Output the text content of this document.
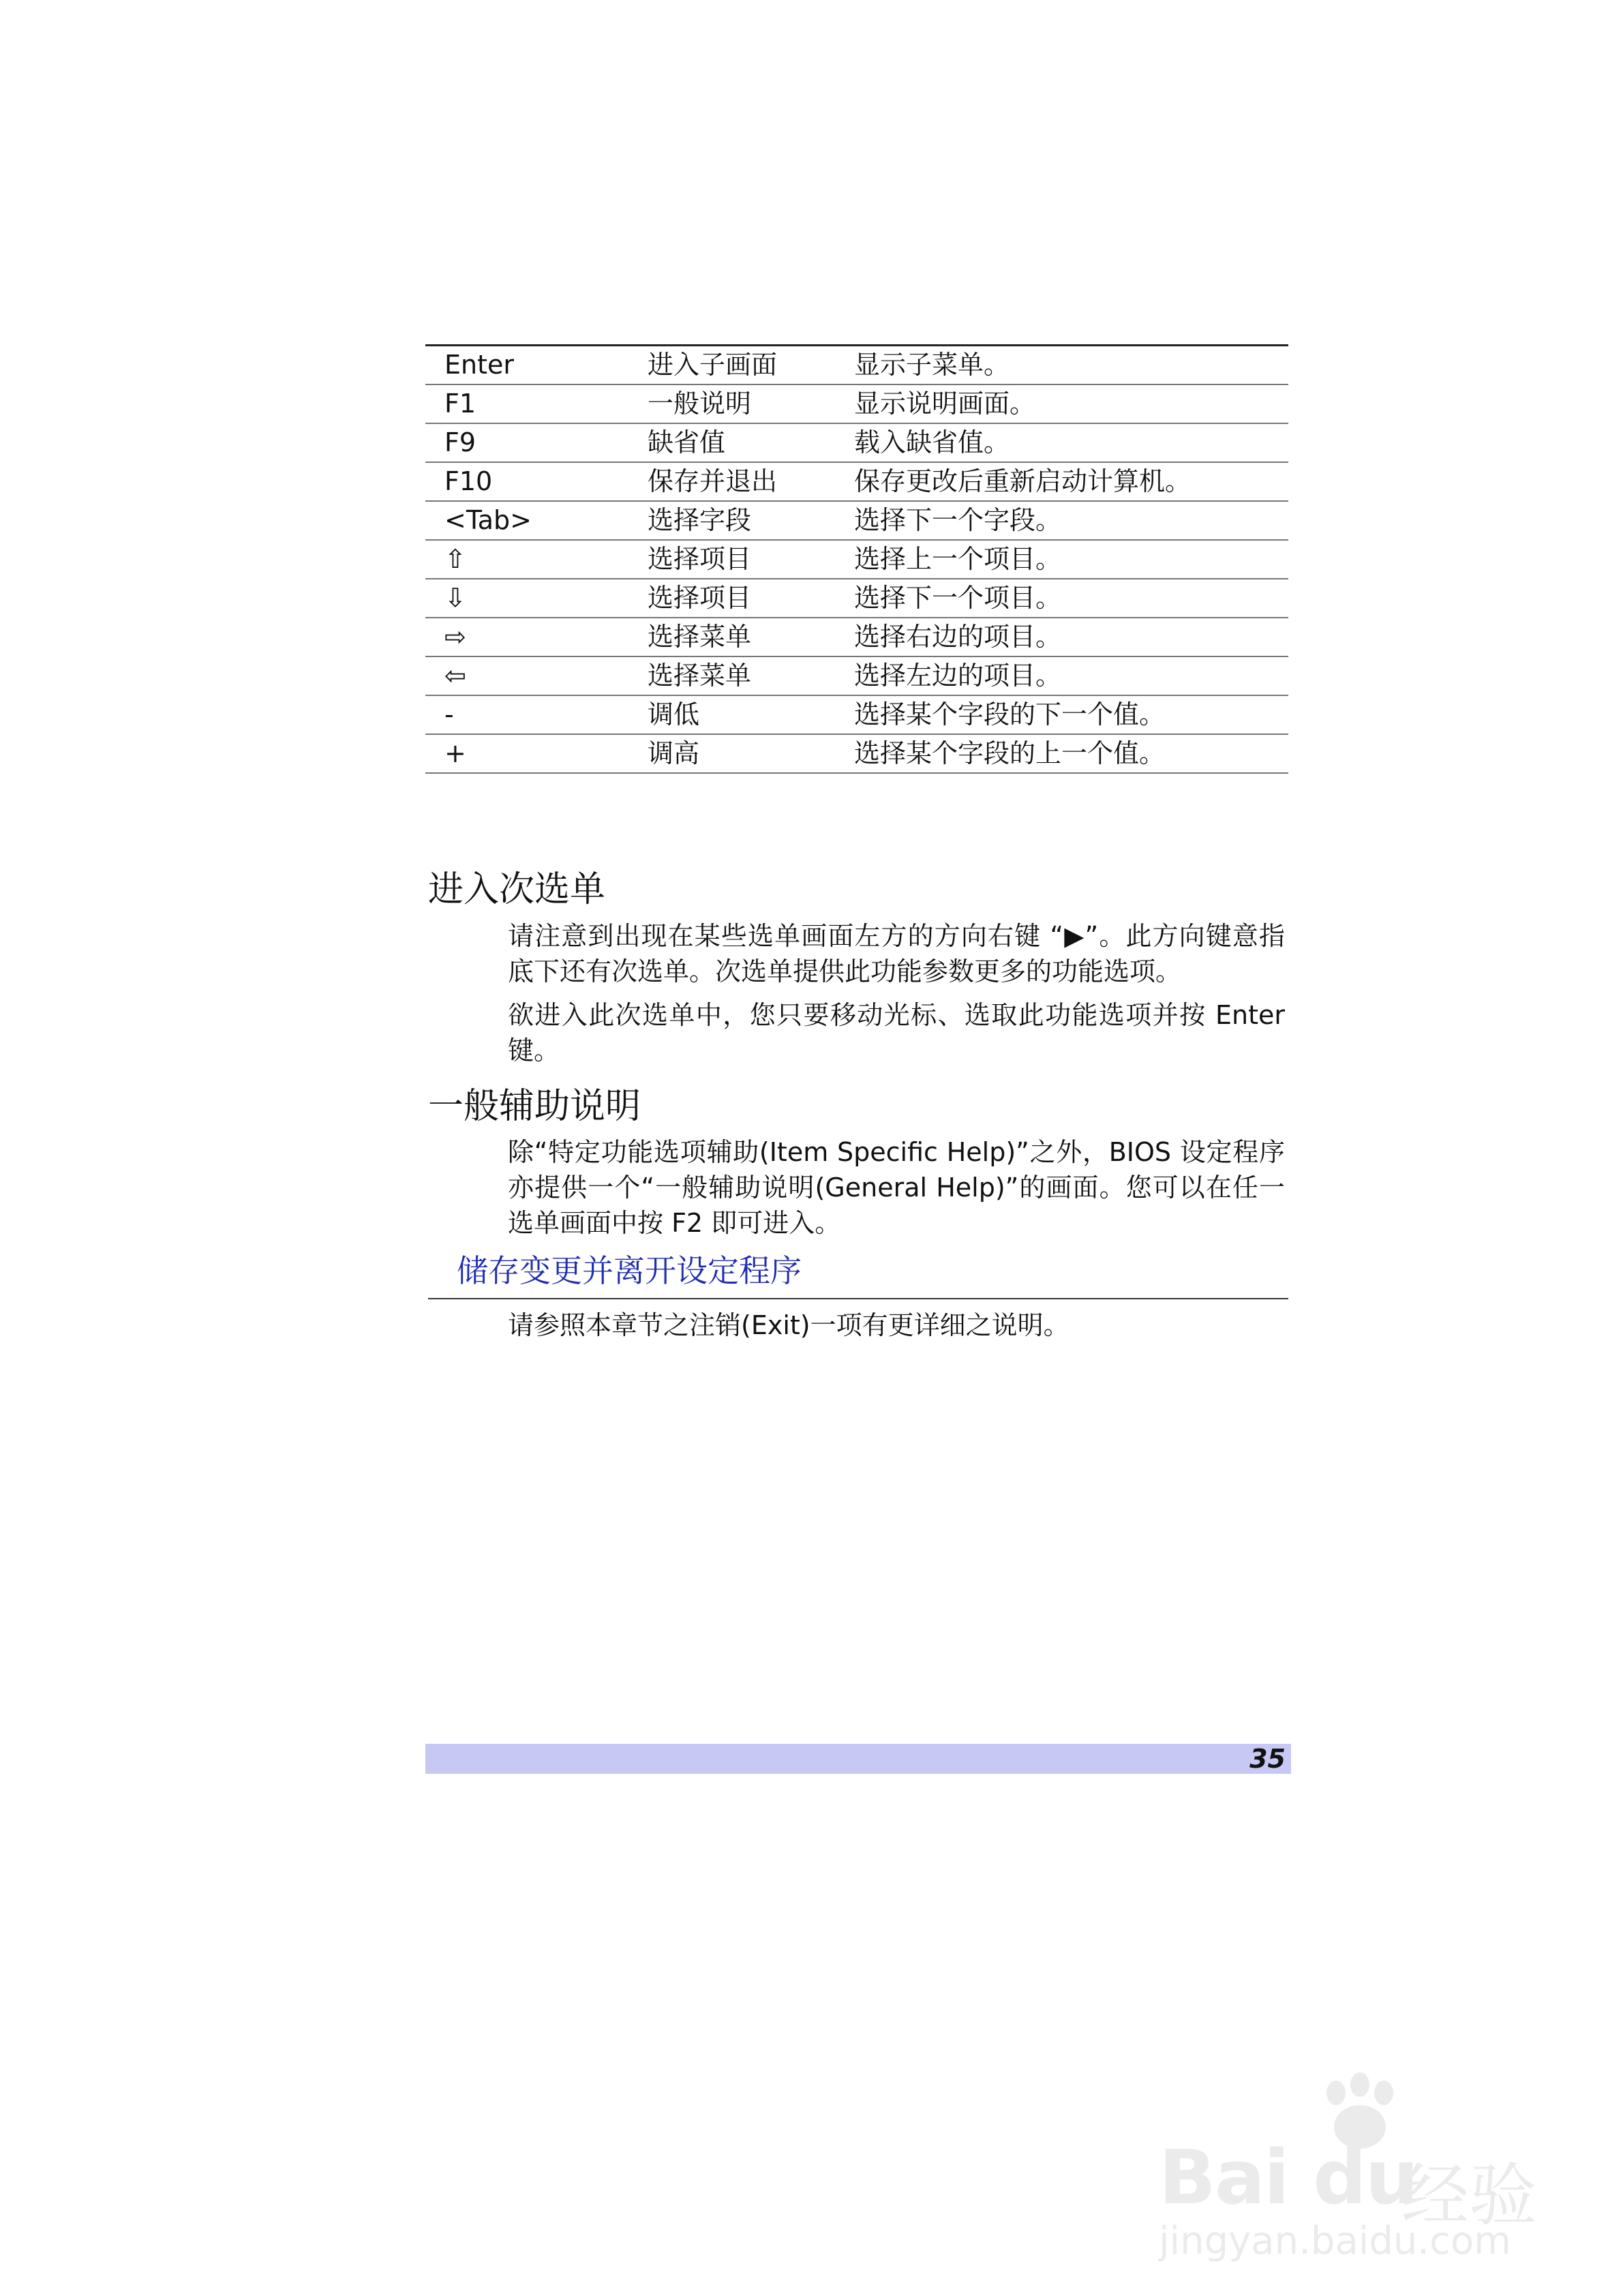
Enter	进入子画面	显示子菜单。
F1	一般说明	显示说明画面。
F9	缺省值	载入缺省值。
F10	保存并退出	保存更改后重新启动计算机。
<Tab>	选择字段	选择下一个字段。
⇧	选择项目	选择上一个项目。
⇩	选择项目	选择下一个项目。
⇨	选择菜单	选择右边的项目。
⇦	选择菜单	选择左边的项目。
-	调低	选择某个字段的下一个值。
+	调高	选择某个字段的上一个值。
进入次选单

请注意到出现在某些选单画面左方的方向右键 “▶”。此方向键意指底下还有次选单。次选单提供此功能参数更多的功能选项。

欲进入此次选单中，您只要移动光标、选取此功能选项并按 Enter 键。

一般辅助说明

除“特定功能选项辅助(Item Specific Help)”之外，BIOS 设定程序亦提供一个“一般辅助说明(General Help)”的画面。您可以在任一选单画面中按 F2 即可进入。

储存变更并离开设定程序

请参照本章节之注销(Exit)一项有更详细之说明。

35
Bai du
经验
jingyan.baidu.com
